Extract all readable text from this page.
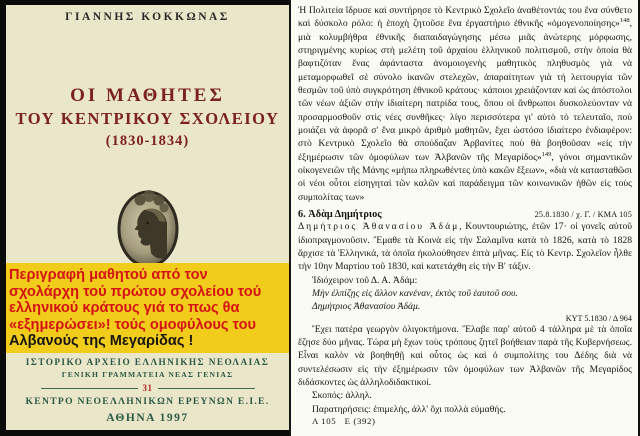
ΓΙΑΝΝΗΣ ΚΟΚΚΩΝΑΣ
ΟΙ ΜΑΘΗΤΕΣ
ΤΟΥ ΚΕΝΤΡΙΚΟΥ ΣΧΟΛΕΙΟΥ
(1830-1834)
Περιγραφή μαθητού από τον
σχολάρχη τού πρώτου σχολείου τού
ελληνικού κράτους γιά το πως θα
«εξημερώσει»! τούς ομοφύλους του
Αλβανούς της Μεγαρίδας !
ΙΣΤΟΡΙΚΟ ΑΡΧΕΙΟ ΕΛΛΗΝΙΚΗΣ ΝΕΟΛΑΙΑΣ
ΓΕΝΙΚΗ ΓΡΑΜΜΑΤΕΙΑ ΝΕΑΣ ΓΕΝΙΑΣ
31
ΚΕΝΤΡΟ ΝΕΟΕΛΛΗΝΙΚΩΝ ΕΡΕΥΝΩΝ Ε.Ι.Ε.
ΑΘΗΝΑ 1997

Ἡ Πολιτεία ἵδρυσε καὶ συντήρησε τὸ Κεντρικὸ Σχολεῖο ἀναθέτοντάς του ἕνα σύνθετο καὶ δύσκολο ρόλο: ἡ ἐποχὴ ζητοῦσε ἕνα ἐργαστήριο ἐθνικῆς «ὁμογενοποίησης»$^{148}$, μιὰ κολυμβήθρα ἐθνικῆς διαπαιδαγώγησης μέσω μιᾶς ἀνώτερης μόρφωσης, στηριγμένης κυρίως στὴ μελέτη τοῦ ἀρχαίου ἑλληνικοῦ πολιτισμοῦ, στὴν ὁποία θὰ βαφτιζόταν ἕνας ἀφάνταστα ἀνομοιογενὴς μαθητικὸς πληθυσμὸς γιὰ νὰ μεταμορφωθεῖ σὲ σύνολο ἱκανῶν στελεχῶν, ἀπαραίτητων γιὰ τὴ λειτουργία τῶν θεσμῶν τοῦ ὑπὸ συγκρότηση ἐθνικοῦ κράτους· κάποιοι χρειάζονταν καὶ ὡς ἀπόστολοι τῶν νέων ἀξιῶν στὴν ἰδιαίτερη πατρίδα τους, ὅπου οἱ ἄνθρωποι δυσκολεύονταν νὰ προσαρμοσθοῦν στὶς νέες συνθῆκες· λίγο περισσότερα γι' αὐτὸ τὸ τελευταῖο, ποὺ μοιάζει νὰ ἀφορᾶ σ' ἕνα μικρὸ ἀριθμὸ μαθητῶν, ἔχει ὡστόσο ἰδιαίτερο ἐνδιαφέρον: στὸ Κεντρικὸ Σχολεῖο θὰ σπούδαζαν Ἀρβανίτες ποὺ θὰ βοηθοῦσαν «εἰς τὴν ἐξημέρωσιν τῶν ὁμοφύλων των Ἀλβανῶν τῆς Μεγαρίδος»$^{149}$, γόνοι σημαντικῶν οἰκογενειῶν τῆς Μάνης «μήπω πληρωθέντες ὑπὸ κακῶν ἕξεων», «διὰ νὰ κατασταθῶσι οἱ νέοι οὗτοι εἰσηγηταὶ τῶν καλῶν καὶ παράδειγμα τῶν κοινωνικῶν ἠθῶν εἰς τοὺς συμπολίτας των»

6. Ἀδὰμ Δημήτριος	25.8.1830 / χ. Γ. / ΚΜΑ 105

Δημήτριος Ἀθανασίου Ἀδάμ, Κουντουριώτης, ἐτῶν 17· οἱ γονεῖς αὐτοῦ ἰδιοπραγμονοῦσιν. Ἔμαθε τὰ Κοινὰ εἰς τὴν Σαλαμῖνα κατὰ τὸ 1826, κατὰ τὸ 1828 ἄρχισε τὰ Ἑλληνικά, τὰ ὁποῖα ἠκολούθησεν ἑπτὰ μῆνας. Εἰς τὸ Κεντρ. Σχολεῖον ἦλθε τὴν 10ην Μαρτίου τοῦ 1830, καὶ κατετάχθη εἰς τὴν Β′ τάξιν.

Ἰδιόχειρον τοῦ Δ. Α. Ἀδάμ:

Μὴν ἐλπίζῃς εἰς ἄλλον κανέναν, ἐκτὸς τοῦ ἑαυτοῦ σου.

Δημήτριος Ἀθανασίου Ἀδάμ.

ΚΥΤ 5.1830 / Δ 964

Ἔχει πατέρα γεωργὸν ὀλιγοκτήμονα. Ἔλαβε παρ' αὐτοῦ 4 τάλληρα μὲ τὰ ὁποῖα ἔζησε δύο μῆνας. Τώρα μὴ ἔχων τοὺς τρόπους ζητεῖ βοήθειαν παρὰ τῆς Κυβερνήσεως. Εἶναι καλὸν νὰ βοηθηθῇ καὶ οὗτος ὡς καὶ ὁ συμπολίτης του Δέδης διὰ νὰ συντελέσωσιν εἰς τὴν ἐξημέρωσιν τῶν ὁμοφύλων των Ἀλβανῶν τῆς Μεγαρίδος διδάσκοντες ὡς ἀλληλοδιδακτικοί.

Σκοπός: ἀλληλ.

Παρατηρήσεις: ἐπιμελής, ἀλλ' ὄχι πολλὰ εὐμαθής.

Α 105   Ε (392)
